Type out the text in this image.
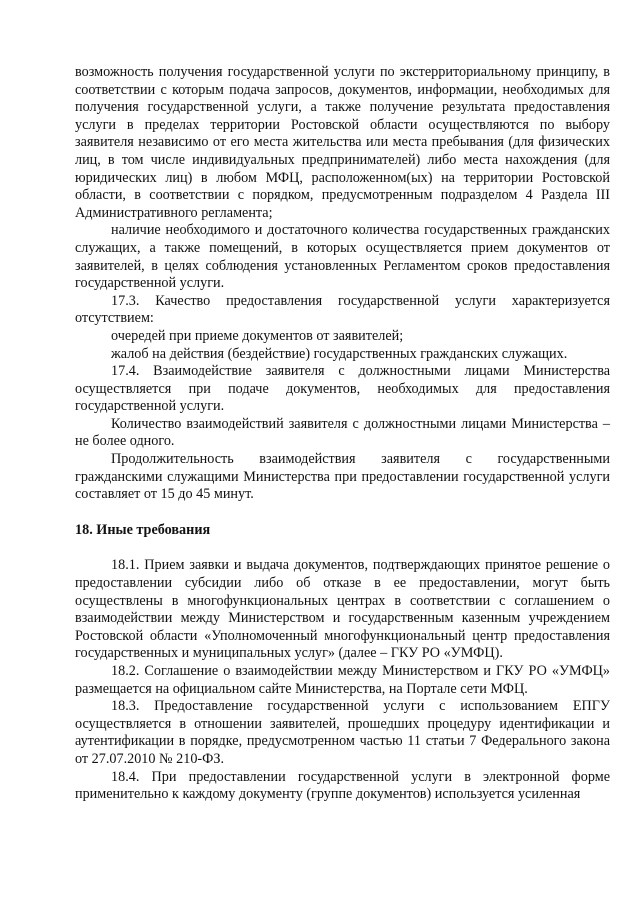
возможность получения государственной услуги по экстерриториальному принципу, в соответствии с которым подача запросов, документов, информации, необходимых для получения государственной услуги, а также получение результата предоставления услуги в пределах территории Ростовской области осуществляются по выбору заявителя независимо от его места жительства или места пребывания (для физических лиц, в том числе индивидуальных предпринимателей) либо места нахождения (для юридических лиц) в любом МФЦ, расположенном(ых) на территории Ростовской области, в соответствии с порядком, предусмотренным подразделом 4 Раздела III Административного регламента;

наличие необходимого и достаточного количества государственных гражданских служащих, а также помещений, в которых осуществляется прием документов от заявителей, в целях соблюдения установленных Регламентом сроков предоставления государственной услуги.

17.3. Качество предоставления государственной услуги характеризуется отсутствием:

очередей при приеме документов от заявителей;

жалоб на действия (бездействие) государственных гражданских служащих.

17.4. Взаимодействие заявителя с должностными лицами Министерства осуществляется при подаче документов, необходимых для предоставления государственной услуги.

Количество взаимодействий заявителя с должностными лицами Министерства – не более одного.

Продолжительность взаимодействия заявителя с государственными гражданскими служащими Министерства при предоставлении государственной услуги составляет от 15 до 45 минут.

18. Иные требования

18.1. Прием заявки и выдача документов, подтверждающих принятое решение о предоставлении субсидии либо об отказе в ее предоставлении, могут быть осуществлены в многофункциональных центрах в соответствии с соглашением о взаимодействии между Министерством и государственным казенным учреждением Ростовской области «Уполномоченный многофункциональный центр предоставления государственных и муниципальных услуг» (далее – ГКУ РО «УМФЦ).

18.2. Соглашение о взаимодействии между Министерством и ГКУ РО «УМФЦ» размещается на официальном сайте Министерства, на Портале сети МФЦ.

18.3. Предоставление государственной услуги с использованием ЕПГУ осуществляется в отношении заявителей, прошедших процедуру идентификации и аутентификации в порядке, предусмотренном частью 11 статьи 7 Федерального закона от 27.07.2010 № 210-ФЗ.

18.4. При предоставлении государственной услуги в электронной форме применительно к каждому документу (группе документов) используется усиленная
